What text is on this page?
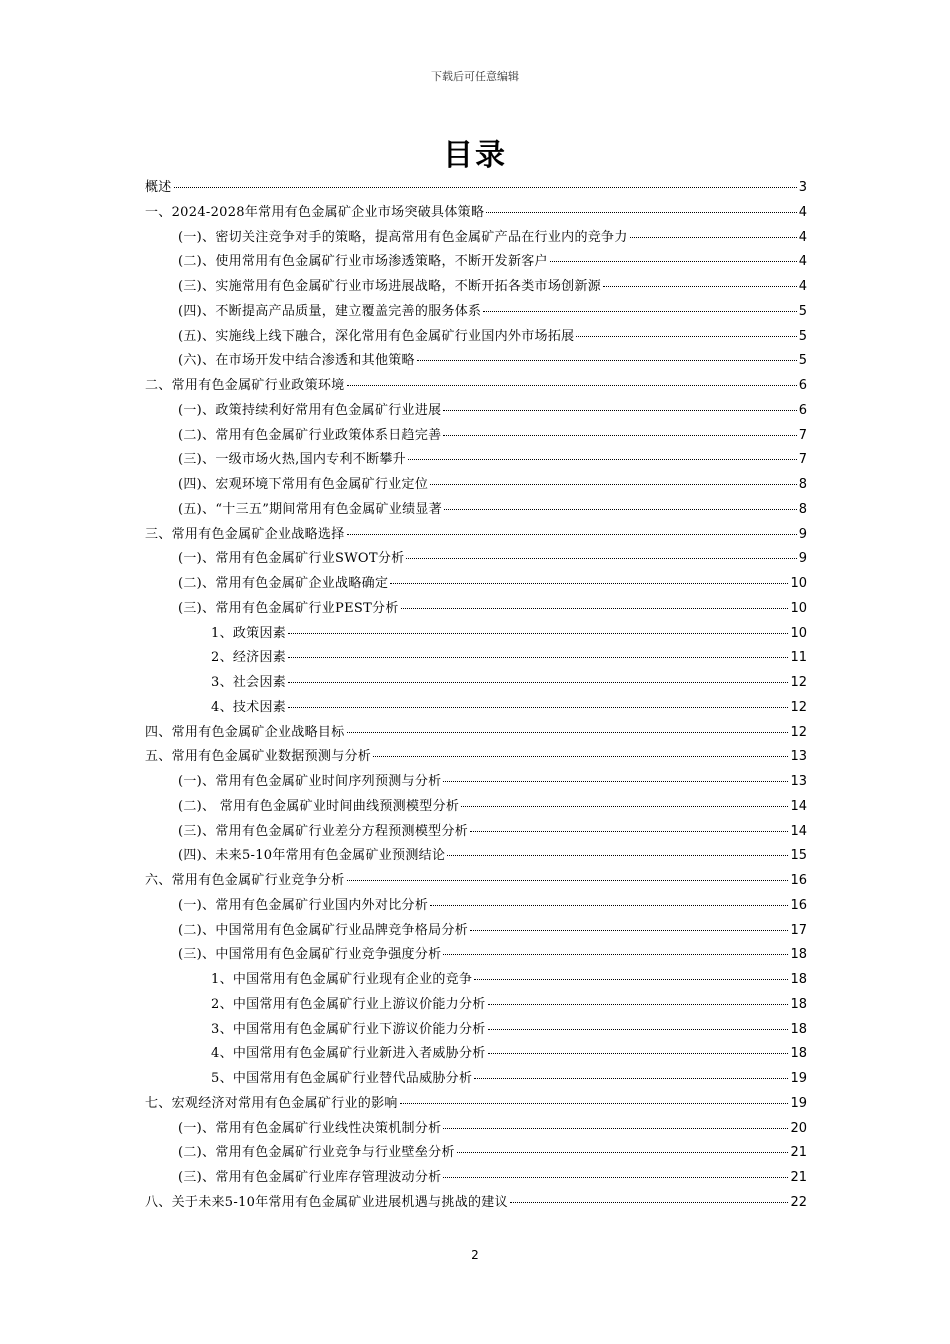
下载后可任意编辑
目录
概述	3
一、2024-2028年常用有色金属矿企业市场突破具体策略	4
(一)、密切关注竞争对手的策略，提高常用有色金属矿产品在行业内的竞争力	4
(二)、使用常用有色金属矿行业市场渗透策略，不断开发新客户	4
(三)、实施常用有色金属矿行业市场进展战略，不断开拓各类市场创新源	4
(四)、不断提高产品质量，建立覆盖完善的服务体系	5
(五)、实施线上线下融合，深化常用有色金属矿行业国内外市场拓展	5
(六)、在市场开发中结合渗透和其他策略	5
二、常用有色金属矿行业政策环境	6
(一)、政策持续利好常用有色金属矿行业进展	6
(二)、常用有色金属矿行业政策体系日趋完善	7
(三)、一级市场火热,国内专利不断攀升	7
(四)、宏观环境下常用有色金属矿行业定位	8
(五)、“十三五”期间常用有色金属矿业绩显著	8
三、常用有色金属矿企业战略选择	9
(一)、常用有色金属矿行业SWOT分析	9
(二)、常用有色金属矿企业战略确定	10
(三)、常用有色金属矿行业PEST分析	10
1、政策因素	10
2、经济因素	11
3、社会因素	12
4、技术因素	12
四、常用有色金属矿企业战略目标	12
五、常用有色金属矿业数据预测与分析	13
(一)、常用有色金属矿业时间序列预测与分析	13
(二)、 常用有色金属矿业时间曲线预测模型分析	14
(三)、常用有色金属矿行业差分方程预测模型分析	14
(四)、未来5-10年常用有色金属矿业预测结论	15
六、常用有色金属矿行业竞争分析	16
(一)、常用有色金属矿行业国内外对比分析	16
(二)、中国常用有色金属矿行业品牌竞争格局分析	17
(三)、中国常用有色金属矿行业竞争强度分析	18
1、中国常用有色金属矿行业现有企业的竞争	18
2、中国常用有色金属矿行业上游议价能力分析	18
3、中国常用有色金属矿行业下游议价能力分析	18
4、中国常用有色金属矿行业新进入者威胁分析	18
5、中国常用有色金属矿行业替代品威胁分析	19
七、宏观经济对常用有色金属矿行业的影响	19
(一)、常用有色金属矿行业线性决策机制分析	20
(二)、常用有色金属矿行业竞争与行业壁垒分析	21
(三)、常用有色金属矿行业库存管理波动分析	21
八、关于未来5-10年常用有色金属矿业进展机遇与挑战的建议	22
2
